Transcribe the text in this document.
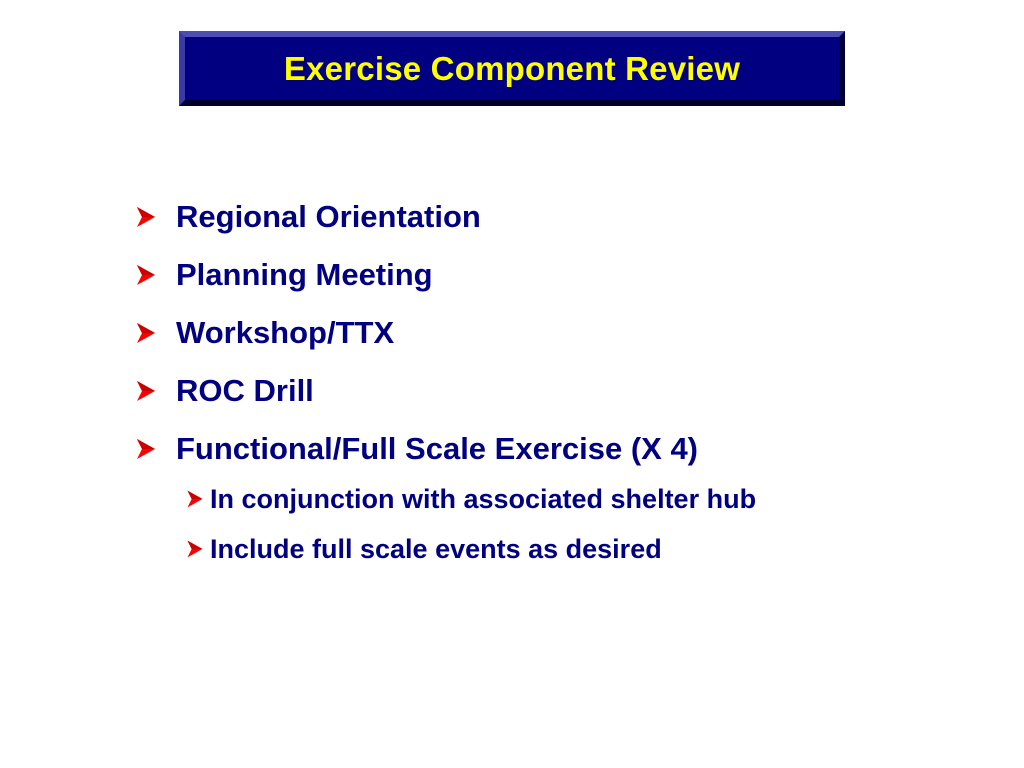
Exercise Component Review
Regional Orientation
Planning Meeting
Workshop/TTX
ROC Drill
Functional/Full Scale Exercise (X 4)
In conjunction with associated shelter hub
Include full scale events as desired
